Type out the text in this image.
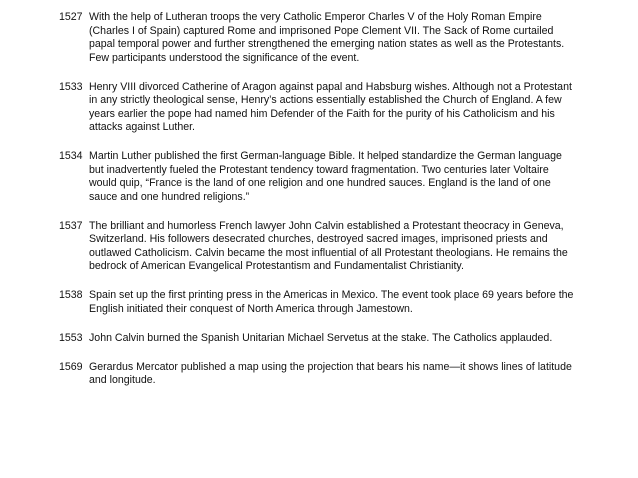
1527 With the help of Lutheran troops the very Catholic Emperor Charles V of the Holy Roman Empire (Charles I of Spain) captured Rome and imprisoned Pope Clement VII. The Sack of Rome curtailed papal temporal power and further strengthened the emerging nation states as well as the Protestants. Few participants understood the significance of the event.
1533 Henry VIII divorced Catherine of Aragon against papal and Habsburg wishes. Although not a Protestant in any strictly theological sense, Henry’s actions essentially established the Church of England. A few years earlier the pope had named him Defender of the Faith for the purity of his Catholicism and his attacks against Luther.
1534 Martin Luther published the first German-language Bible. It helped standardize the German language but inadvertently fueled the Protestant tendency toward fragmentation. Two centuries later Voltaire would quip, “France is the land of one religion and one hundred sauces. England is the land of one sauce and one hundred religions.”
1537 The brilliant and humorless French lawyer John Calvin established a Protestant theocracy in Geneva, Switzerland. His followers desecrated churches, destroyed sacred images, imprisoned priests and outlawed Catholicism. Calvin became the most influential of all Protestant theologians. He remains the bedrock of American Evangelical Protestantism and Fundamentalist Christianity.
1538 Spain set up the first printing press in the Americas in Mexico. The event took place 69 years before the English initiated their conquest of North America through Jamestown.
1553 John Calvin burned the Spanish Unitarian Michael Servetus at the stake. The Catholics applauded.
1569 Gerardus Mercator published a map using the projection that bears his name—it shows lines of latitude and longitude.
